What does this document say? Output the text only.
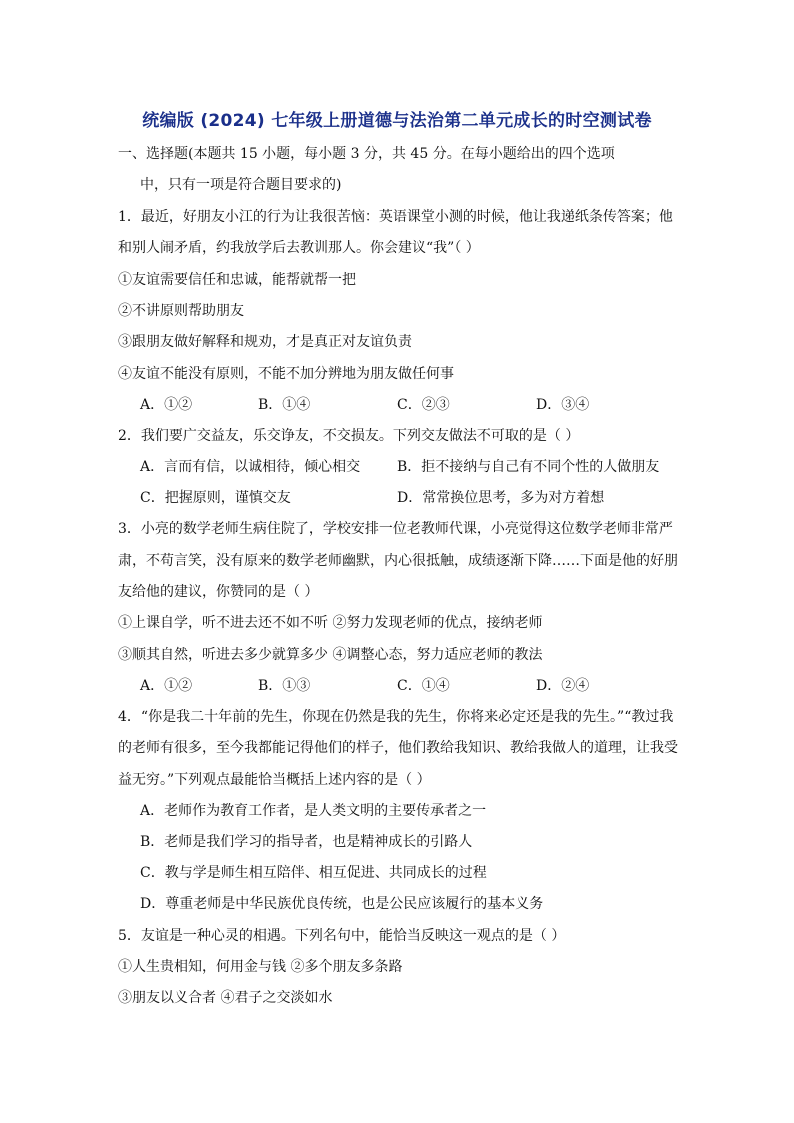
统编版 (2024) 七年级上册道德与法治第二单元成长的时空测试卷
一、选择题(本题共 15 小题，每小题 3 分，共 45 分。在每小题给出的四个选项
中，只有一项是符合题目要求的)
1．最近，好朋友小江的行为让我很苦恼：英语课堂小测的时候，他让我递纸条传答案；他
和别人闹矛盾，约我放学后去教训那人。你会建议“我”（ ）
①友谊需要信任和忠诚，能帮就帮一把
②不讲原则帮助朋友
③跟朋友做好解释和规劝，才是真正对友谊负责
④友谊不能没有原则，不能不加分辨地为朋友做任何事
A．①②	B．①④	C．②③	D．③④
2．我们要广交益友，乐交诤友，不交损友。下列交友做法不可取的是（ ）
A．言而有信，以诚相待，倾心相交	B．拒不接纳与自己有不同个性的人做朋友
C．把握原则，谨慎交友	D．常常换位思考，多为对方着想
3．小亮的数学老师生病住院了，学校安排一位老教师代课，小亮觉得这位数学老师非常严
肃，不苟言笑，没有原来的数学老师幽默，内心很抵触，成绩逐渐下降……下面是他的好朋
友给他的建议，你赞同的是（ ）
①上课自学，听不进去还不如不听 ②努力发现老师的优点，接纳老师
③顺其自然，听进去多少就算多少 ④调整心态，努力适应老师的教法
A．①②	B．①③	C．①④	D．②④
4．“你是我二十年前的先生，你现在仍然是我的先生，你将来必定还是我的先生。”“教过我
的老师有很多，至今我都能记得他们的样子，他们教给我知识、教给我做人的道理，让我受
益无穷。”下列观点最能恰当概括上述内容的是（ ）
A．老师作为教育工作者，是人类文明的主要传承者之一
B．老师是我们学习的指导者，也是精神成长的引路人
C．教与学是师生相互陪伴、相互促进、共同成长的过程
D．尊重老师是中华民族优良传统，也是公民应该履行的基本义务
5．友谊是一种心灵的相遇。下列名句中，能恰当反映这一观点的是（ ）
①人生贵相知，何用金与钱 ②多个朋友多条路
③朋友以义合者 ④君子之交淡如水
